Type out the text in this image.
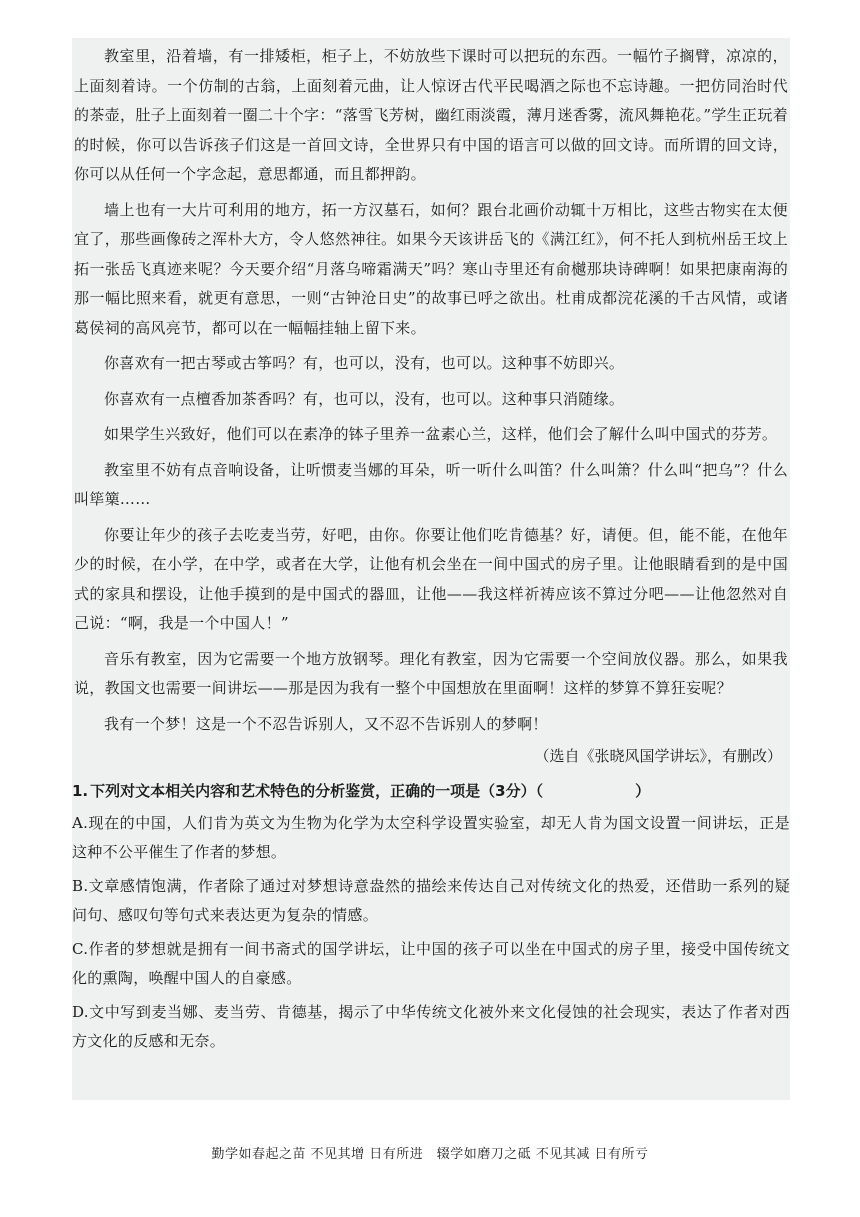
教室里，沿着墙，有一排矮柜，柜子上，不妨放些下课时可以把玩的东西。一幅竹子搁臂，凉凉的，上面刻着诗。一个仿制的古翁，上面刻着元曲，让人惊讶古代平民喝酒之际也不忘诗趣。一把仿同治时代的茶壶，肚子上面刻着一圈二十个字：“落雪飞芳树，幽红雨淡霞，薄月迷香雾，流风舞艳花。”学生正玩着的时候，你可以告诉孩子们这是一首回文诗，全世界只有中国的语言可以做的回文诗。而所谓的回文诗，你可以从任何一个字念起，意思都通，而且都押韵。

墙上也有一大片可利用的地方，拓一方汉墓石，如何？跟台北画价动辄十万相比，这些古物实在太便宜了，那些画像砖之浑朴大方，令人悠然神往。如果今天该讲岳飞的《满江红》，何不托人到杭州岳王坟上拓一张岳飞真迹来呢？今天要介绍“月落乌啼霜满天”吗？寒山寺里还有俞樾那块诗碑啊！如果把康南海的那一幅比照来看，就更有意思，一则“古钟沧日史”的故事已呼之欲出。杜甫成都浣花溪的千古风情，或诸葛侯祠的高风亮节，都可以在一幅幅挂轴上留下来。

你喜欢有一把古琴或古筝吗？有，也可以，没有，也可以。这种事不妨即兴。

你喜欢有一点檀香加茶香吗？有，也可以，没有，也可以。这种事只消随缘。

如果学生兴致好，他们可以在素净的钵子里养一盆素心兰，这样，他们会了解什么叫中国式的芬芳。

教室里不妨有点音响设备，让听惯麦当娜的耳朵，听一听什么叫笛？什么叫箫？什么叫“把乌”？什么叫筚篥……

你要让年少的孩子去吃麦当劳，好吧，由你。你要让他们吃肯德基？好，请便。但，能不能，在他年少的时候，在小学，在中学，或者在大学，让他有机会坐在一间中国式的房子里。让他眼睛看到的是中国式的家具和摆设，让他手摸到的是中国式的器皿，让他——我这样祈祷应该不算过分吧——让他忽然对自己说：“啊，我是一个中国人！”

音乐有教室，因为它需要一个地方放钢琴。理化有教室，因为它需要一个空间放仪器。那么，如果我说，教国文也需要一间讲坛——那是因为我有一整个中国想放在里面啊！这样的梦算不算狂妄呢？

我有一个梦！这是一个不忍告诉别人，又不忍不告诉别人的梦啊！

（选自《张晓风国学讲坛》，有删改）

1. 下列对文本相关内容和艺术特色的分析鉴赏，正确的一项是（3分）（	）

A.现在的中国，人们肯为英文为生物为化学为太空科学设置实验室，却无人肯为国文设置一间讲坛，正是这种不公平催生了作者的梦想。

B.文章感情饱满，作者除了通过对梦想诗意盎然的描绘来传达自己对传统文化的热爱，还借助一系列的疑问句、感叹句等句式来表达更为复杂的情感。

C.作者的梦想就是拥有一间书斋式的国学讲坛，让中国的孩子可以坐在中国式的房子里，接受中国传统文化的熏陶，唤醒中国人的自豪感。

D.文中写到麦当娜、麦当劳、肯德基，揭示了中华传统文化被外来文化侵蚀的社会现实，表达了作者对西方文化的反感和无奈。

勤学如春起之苗 不见其增 日有所进　辍学如磨刀之砥 不见其减 日有所亏
